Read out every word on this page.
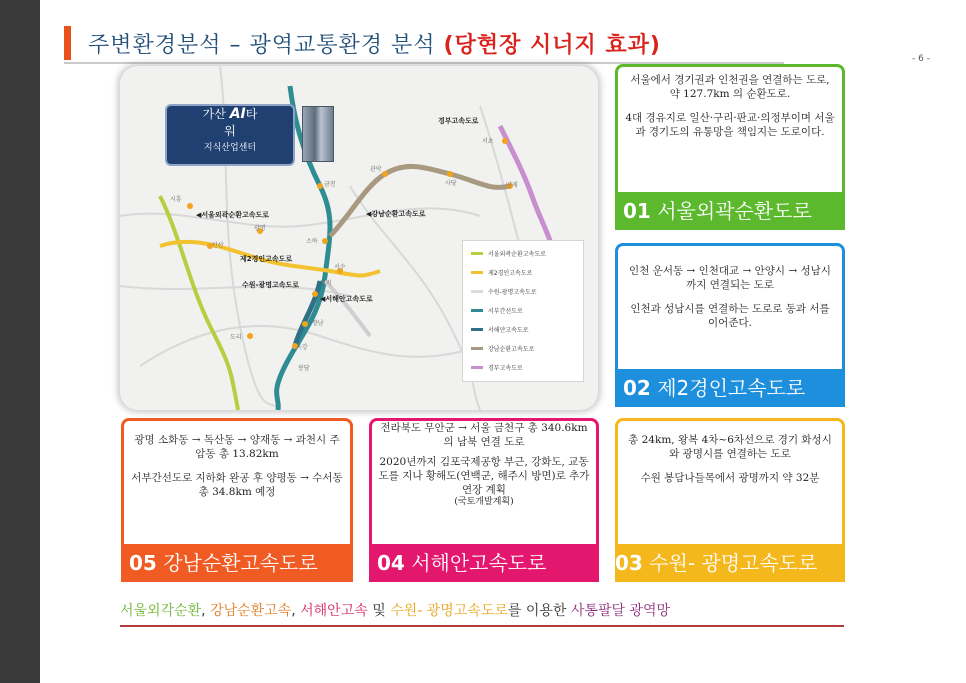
주변환경분석 – 광역교통환경 분석 (당현장 시너지 효과)
- 6 -
가산 AI타
워
지식산업센터
경부고속도로
◀서울외곽순환고속도로	◀강남순환고속도로
제2경인고속도로
수원-광명고속도로
◀서해안고속도로
시흥
안산
광명
금천
관악
사당	양재
서초
소하
일직
서수
향남
도리
옥강
봉담
서울외곽순환고속도로
제2경인고속도로
수원-광명고속도로
서부간선도로
서해안고속도로
강남순환고속도로
경부고속도로

서울에서 경기권과 인천권을 연결하는 도로, 약 127.7km 의 순환도로.

4대 경유지로 일산·구리·판교·의정부이며 서울과 경기도의 유통망을 책임지는 도로이다.

01 서울외곽순환도로

인천 운서동 → 인천대교 → 안양시 → 성남시 까지 연결되는 도로

인천과 성남시를 연결하는 도로로 동과 서를 이어준다.

02 제2경인고속도로

총 24km, 왕복 4차~6차선으로 경기 화성시와 광명시를 연결하는 도로

수원 봉담나들목에서 광명까지 약 32분

03 수원- 광명고속도로

전라북도 무안군 → 서울 금천구 총 340.6km 의 남북 연결 도로

2020년까지 김포국제공항 부근, 강화도, 교동도를 지나 황해도(연백군, 해주시 방면)로 추가 연장 계획

(국토개발계획)
04 서해안고속도로

광명 소화동 → 독산동 → 양재동 → 과천시 주암동 총 13.82km

서부간선도로 지하화 완공 후 양평동 → 수서동 총 34.8km 예정

05 강남순환고속도로
서울외각순환, 강남순환고속, 서해안고속 및 수원- 광명고속도로를 이용한 사통팔달 광역망
